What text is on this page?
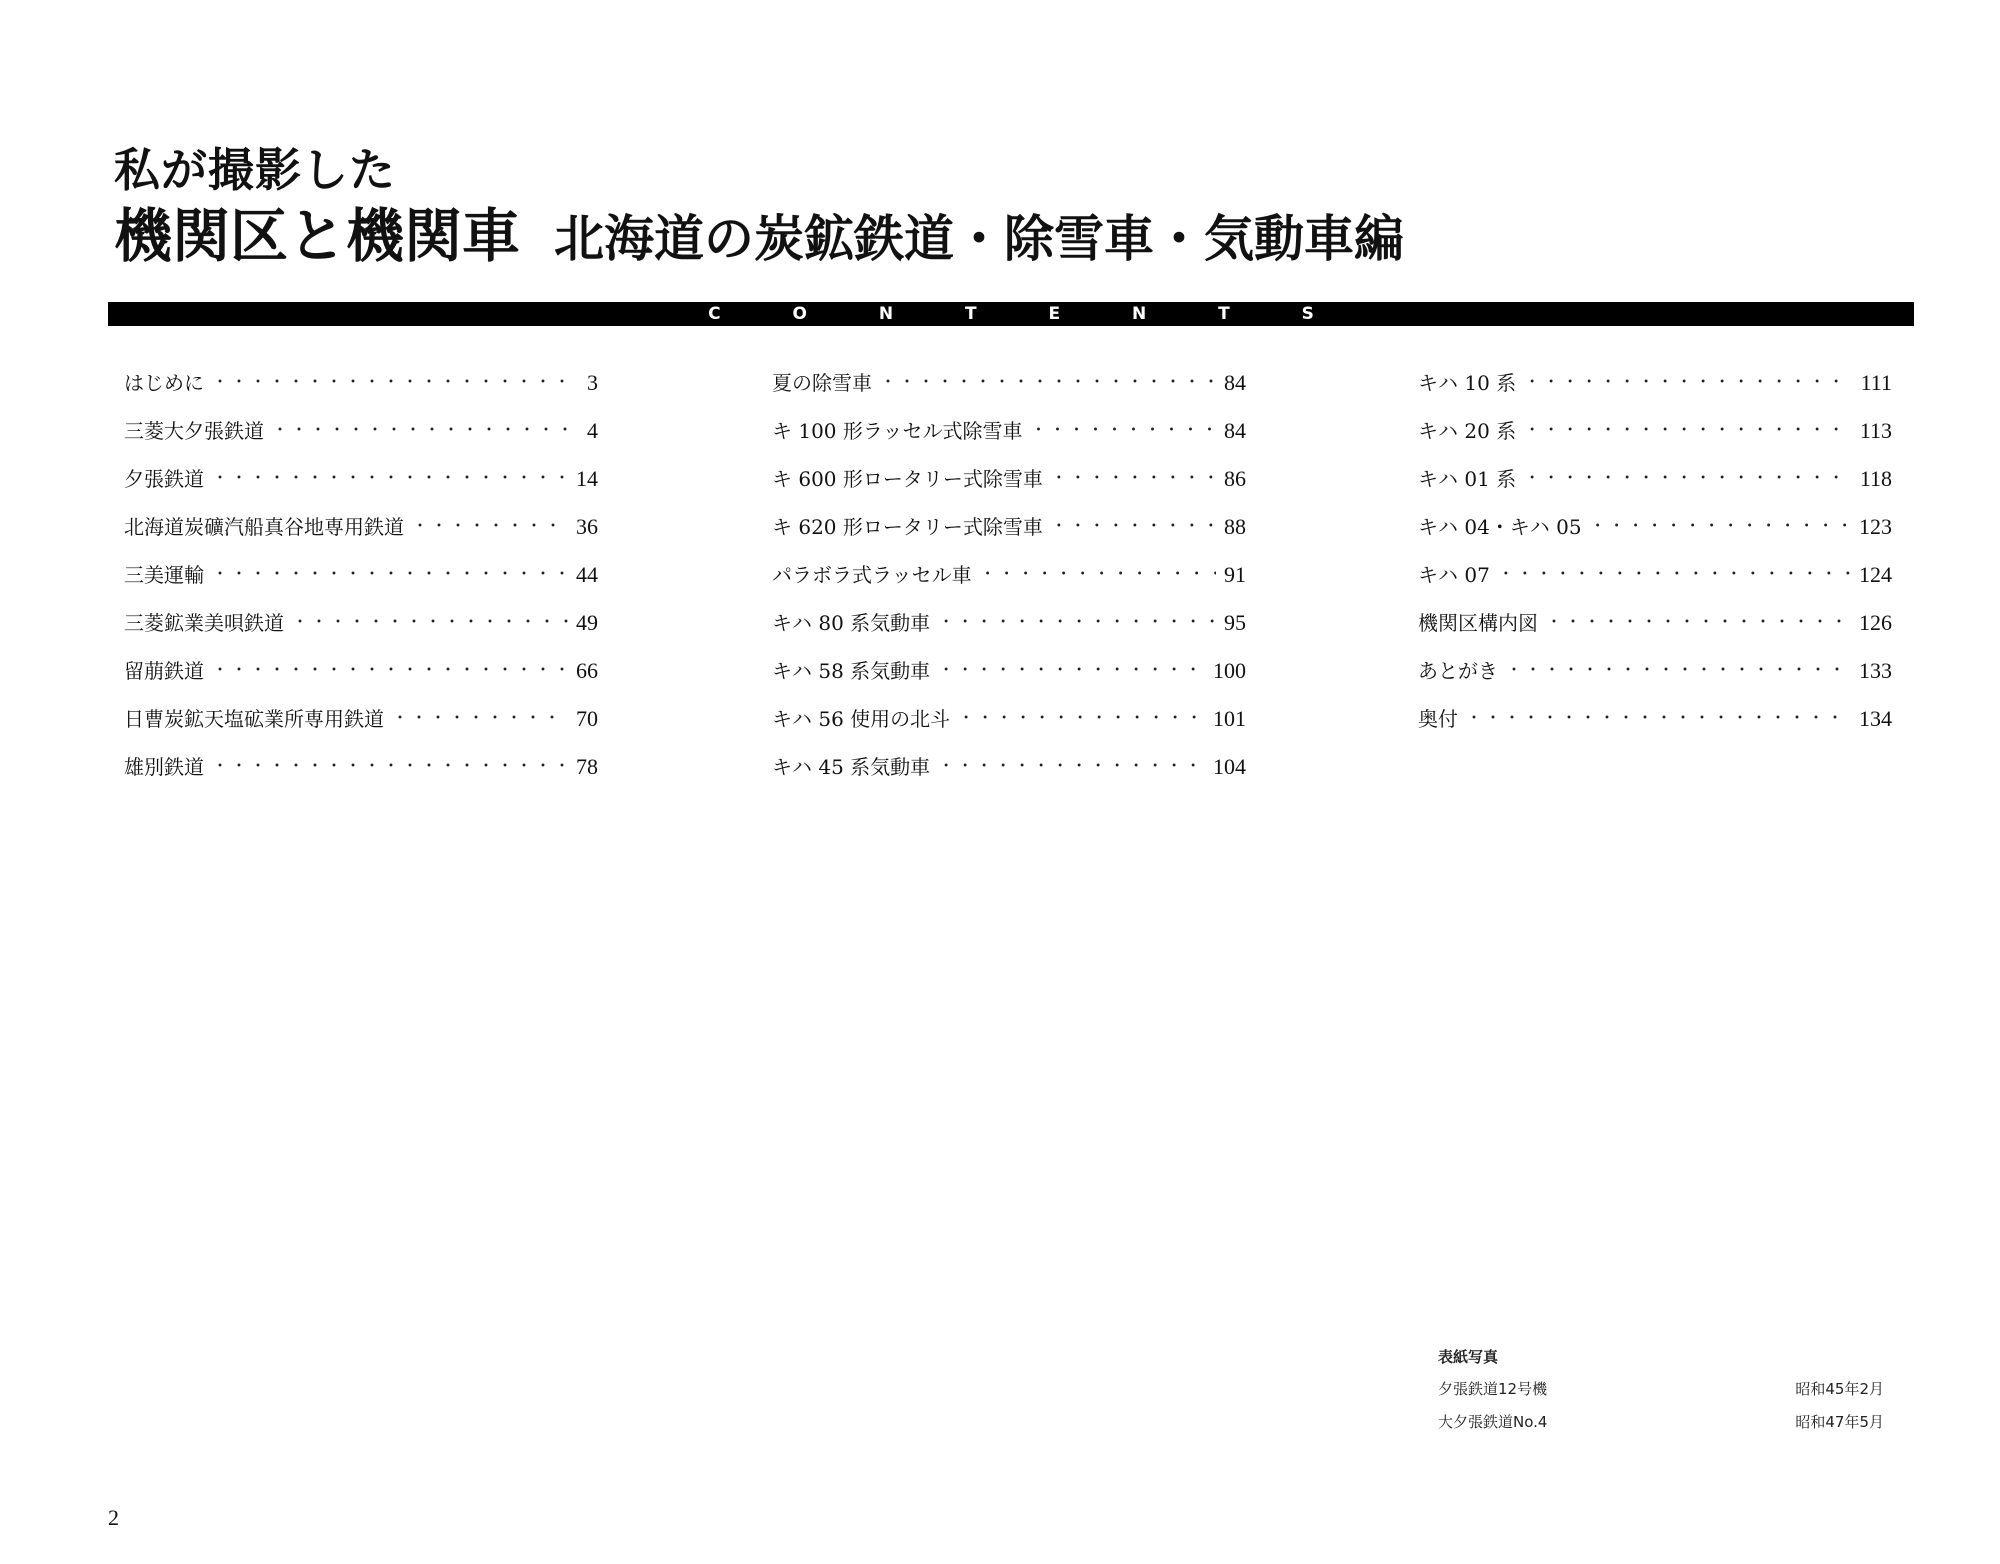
私が撮影した
機関区と機関車 北海道の炭鉱鉄道・除雪車・気動車編
C O N T E N T S
はじめに ・・・・・・・・・・・・・・・・・・・・・・・・・・・・・・・・・・・・・・・・・・・・・・・・・・・・・・・・・・・・・・・・	3
三菱大夕張鉄道 ・・・・・・・・・・・・・・・・・・・・・・・・・・・・・・・・・・・・・・・・・・・・・・・・・・・・・・・・・・・・・・・・	4
夕張鉄道 ・・・・・・・・・・・・・・・・・・・・・・・・・・・・・・・・・・・・・・・・・・・・・・・・・・・・・・・・・・・・・・・・	14
北海道炭礦汽船真谷地専用鉄道 ・・・・・・・・・・・・・・・・・・・・・・・・・・・・・・・・・・・・・・・・・・・・・・・・・・・・・・・・・・・・・・・・	36
三美運輸 ・・・・・・・・・・・・・・・・・・・・・・・・・・・・・・・・・・・・・・・・・・・・・・・・・・・・・・・・・・・・・・・・	44
三菱鉱業美唄鉄道 ・・・・・・・・・・・・・・・・・・・・・・・・・・・・・・・・・・・・・・・・・・・・・・・・・・・・・・・・・・・・・・・・	49
留萠鉄道 ・・・・・・・・・・・・・・・・・・・・・・・・・・・・・・・・・・・・・・・・・・・・・・・・・・・・・・・・・・・・・・・・	66
日曹炭鉱天塩砿業所専用鉄道 ・・・・・・・・・・・・・・・・・・・・・・・・・・・・・・・・・・・・・・・・・・・・・・・・・・・・・・・・・・・・・・・・	70
雄別鉄道 ・・・・・・・・・・・・・・・・・・・・・・・・・・・・・・・・・・・・・・・・・・・・・・・・・・・・・・・・・・・・・・・・	78
夏の除雪車 ・・・・・・・・・・・・・・・・・・・・・・・・・・・・・・・・・・・・・・・・・・・・・・・・・・・・・・・・・・・・・・・・	84
キ 100 形ラッセル式除雪車 ・・・・・・・・・・・・・・・・・・・・・・・・・・・・・・・・・・・・・・・・・・・・・・・・・・・・・・・・・・・・・・・・	84
キ 600 形ロータリー式除雪車 ・・・・・・・・・・・・・・・・・・・・・・・・・・・・・・・・・・・・・・・・・・・・・・・・・・・・・・・・・・・・・・・・	86
キ 620 形ロータリー式除雪車 ・・・・・・・・・・・・・・・・・・・・・・・・・・・・・・・・・・・・・・・・・・・・・・・・・・・・・・・・・・・・・・・・	88
パラボラ式ラッセル車 ・・・・・・・・・・・・・・・・・・・・・・・・・・・・・・・・・・・・・・・・・・・・・・・・・・・・・・・・・・・・・・・・	91
キハ 80 系気動車 ・・・・・・・・・・・・・・・・・・・・・・・・・・・・・・・・・・・・・・・・・・・・・・・・・・・・・・・・・・・・・・・・	95
キハ 58 系気動車 ・・・・・・・・・・・・・・・・・・・・・・・・・・・・・・・・・・・・・・・・・・・・・・・・・・・・・・・・・・・・・・・・	100
キハ 56 使用の北斗 ・・・・・・・・・・・・・・・・・・・・・・・・・・・・・・・・・・・・・・・・・・・・・・・・・・・・・・・・・・・・・・・・	101
キハ 45 系気動車 ・・・・・・・・・・・・・・・・・・・・・・・・・・・・・・・・・・・・・・・・・・・・・・・・・・・・・・・・・・・・・・・・	104
キハ 10 系 ・・・・・・・・・・・・・・・・・・・・・・・・・・・・・・・・・・・・・・・・・・・・・・・・・・・・・・・・・・・・・・・・	111
キハ 20 系 ・・・・・・・・・・・・・・・・・・・・・・・・・・・・・・・・・・・・・・・・・・・・・・・・・・・・・・・・・・・・・・・・	113
キハ 01 系 ・・・・・・・・・・・・・・・・・・・・・・・・・・・・・・・・・・・・・・・・・・・・・・・・・・・・・・・・・・・・・・・・	118
キハ 04・キハ 05 ・・・・・・・・・・・・・・・・・・・・・・・・・・・・・・・・・・・・・・・・・・・・・・・・・・・・・・・・・・・・・・・・	123
キハ 07 ・・・・・・・・・・・・・・・・・・・・・・・・・・・・・・・・・・・・・・・・・・・・・・・・・・・・・・・・・・・・・・・・	124
機関区構内図 ・・・・・・・・・・・・・・・・・・・・・・・・・・・・・・・・・・・・・・・・・・・・・・・・・・・・・・・・・・・・・・・・	126
あとがき ・・・・・・・・・・・・・・・・・・・・・・・・・・・・・・・・・・・・・・・・・・・・・・・・・・・・・・・・・・・・・・・・	133
奥付 ・・・・・・・・・・・・・・・・・・・・・・・・・・・・・・・・・・・・・・・・・・・・・・・・・・・・・・・・・・・・・・・・	134
表紙写真
夕張鉄道12号機	昭和45年2月
大夕張鉄道No.4	昭和47年5月
2
